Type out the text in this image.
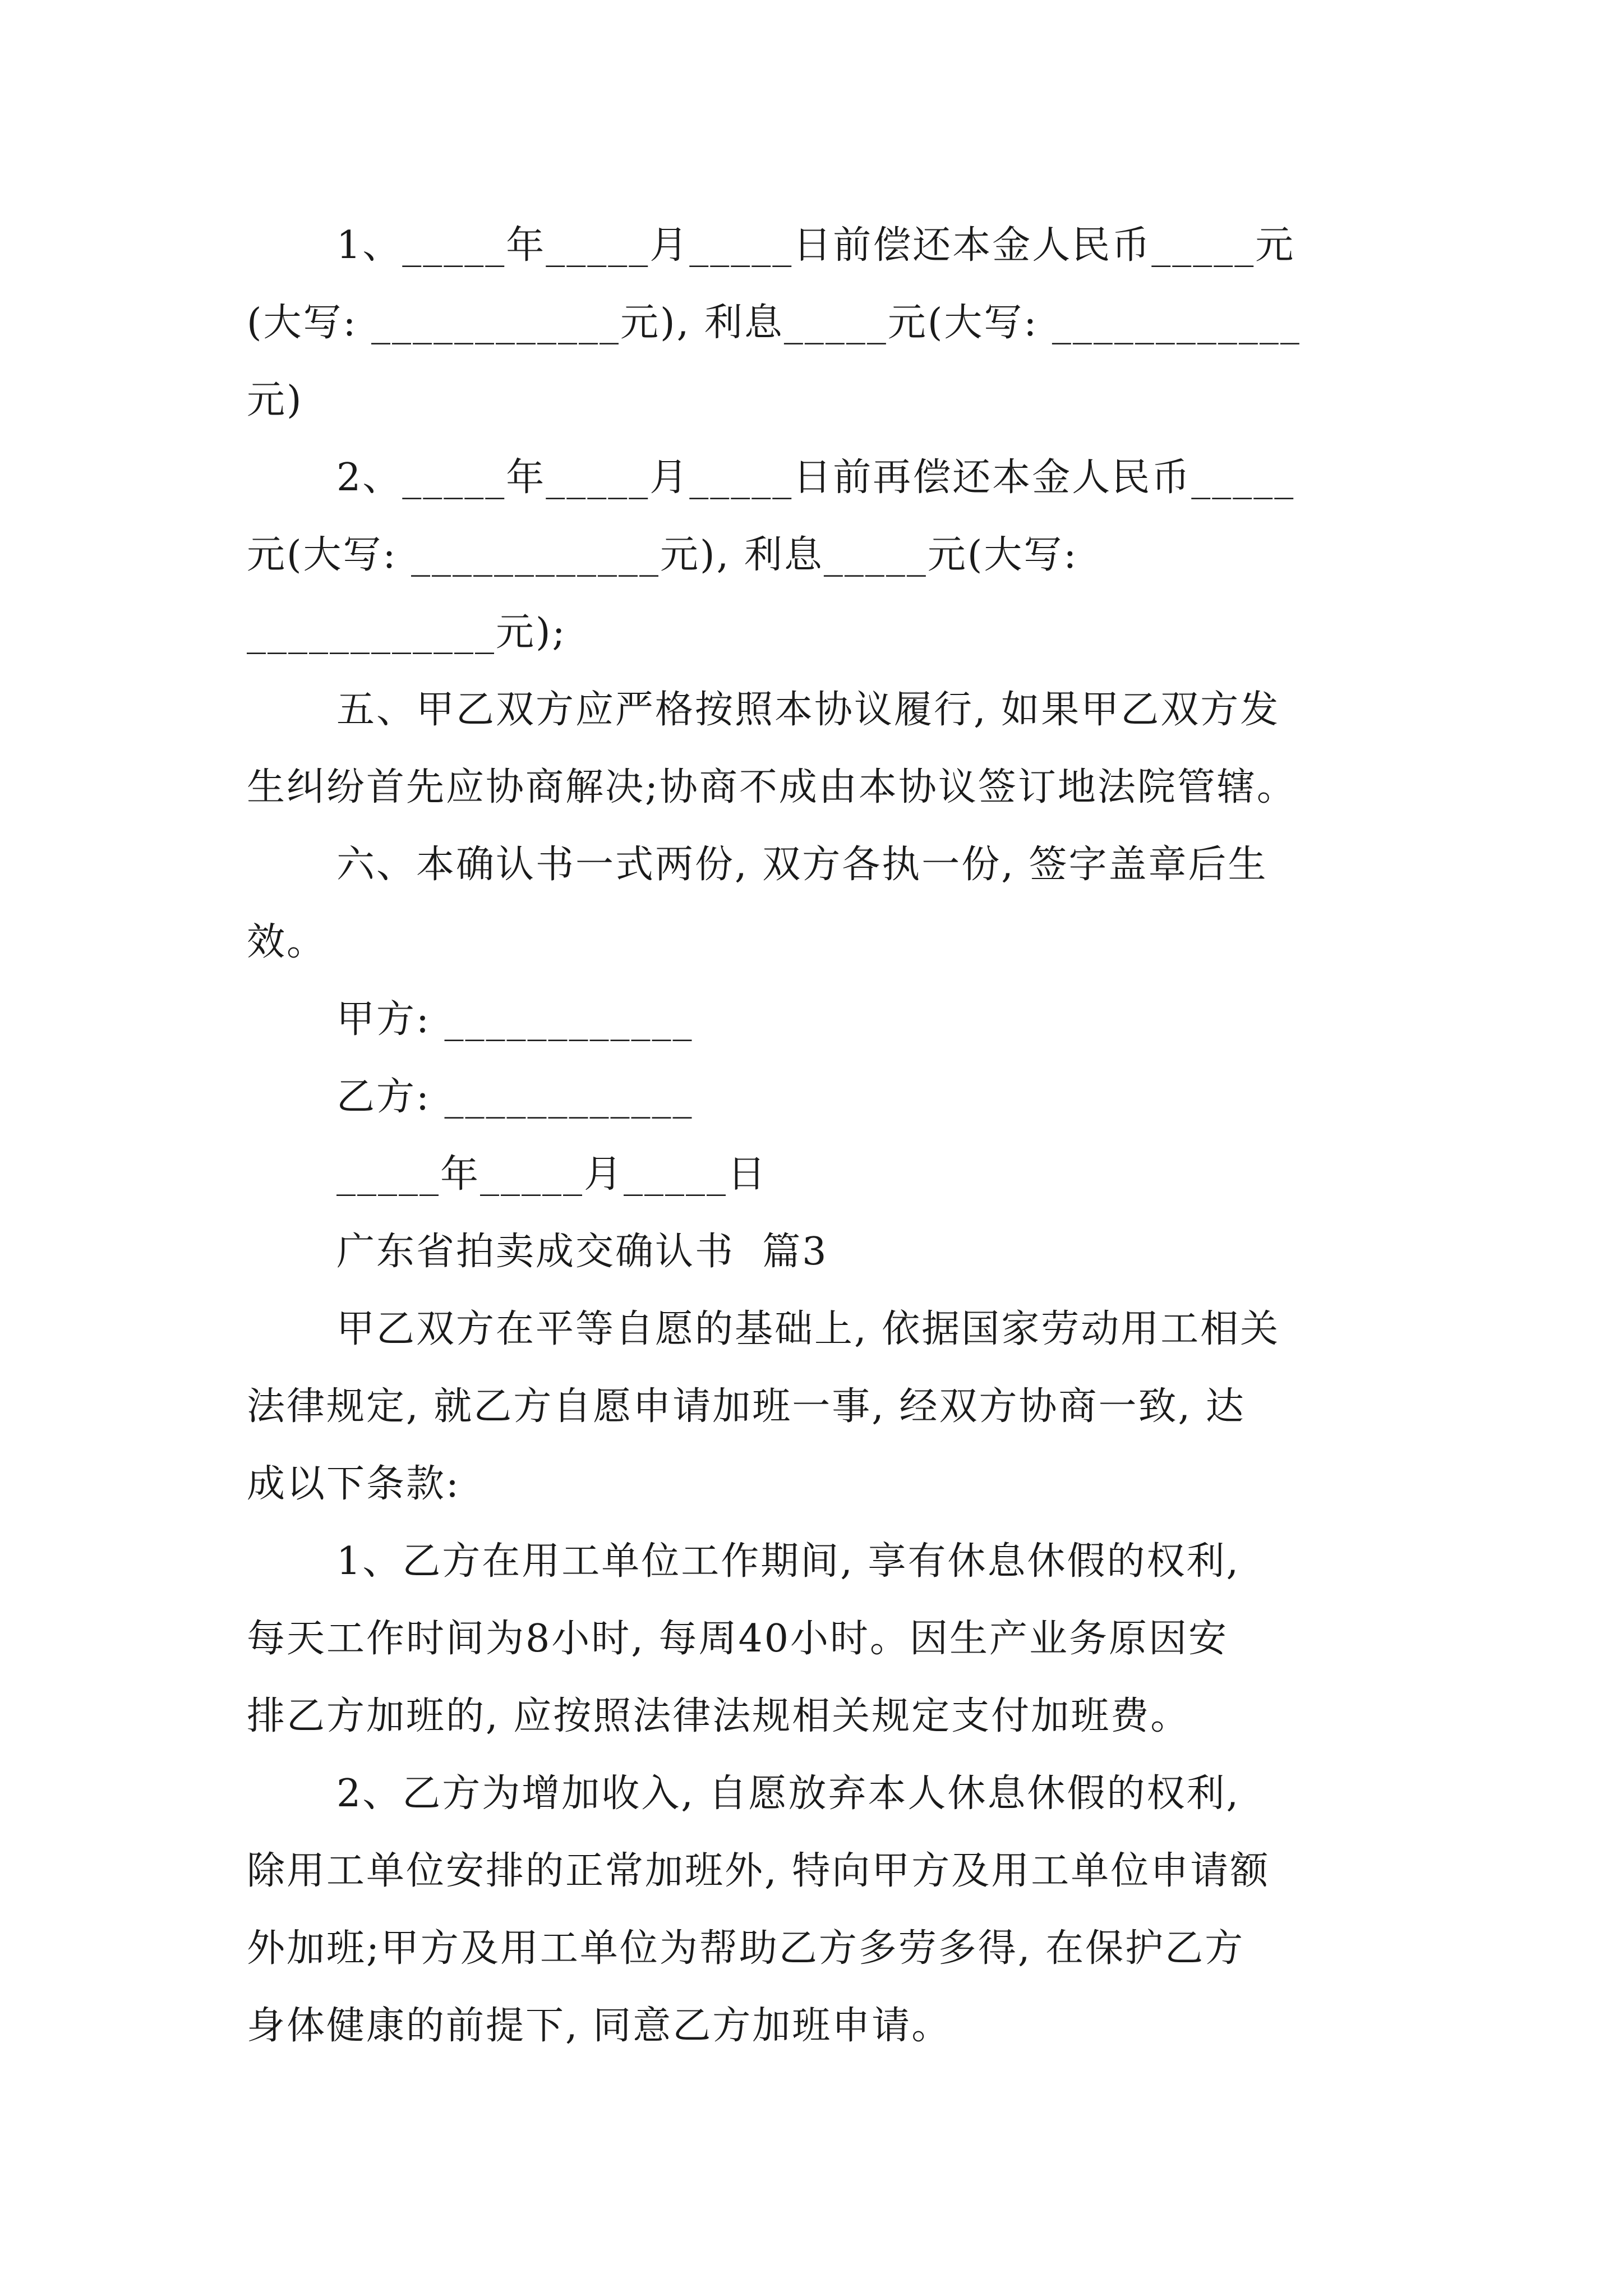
1、_____年_____月_____日前偿还本金人民币_____元
(大写: ____________元), 利息_____元(大写: ____________
元)
2、_____年_____月_____日前再偿还本金人民币_____
元(大写: ____________元), 利息_____元(大写:
____________元);
五、甲乙双方应严格按照本协议履行, 如果甲乙双方发
生纠纷首先应协商解决;协商不成由本协议签订地法院管辖。
六、本确认书一式两份, 双方各执一份, 签字盖章后生
效。
甲方: ____________
乙方: ____________
_____年_____月_____日
广东省拍卖成交确认书  篇3
甲乙双方在平等自愿的基础上, 依据国家劳动用工相关
法律规定, 就乙方自愿申请加班一事, 经双方协商一致, 达
成以下条款:
1、乙方在用工单位工作期间, 享有休息休假的权利,
每天工作时间为8小时, 每周40小时。因生产业务原因安
排乙方加班的, 应按照法律法规相关规定支付加班费。
2、乙方为增加收入, 自愿放弃本人休息休假的权利,
除用工单位安排的正常加班外, 特向甲方及用工单位申请额
外加班;甲方及用工单位为帮助乙方多劳多得, 在保护乙方
身体健康的前提下, 同意乙方加班申请。
